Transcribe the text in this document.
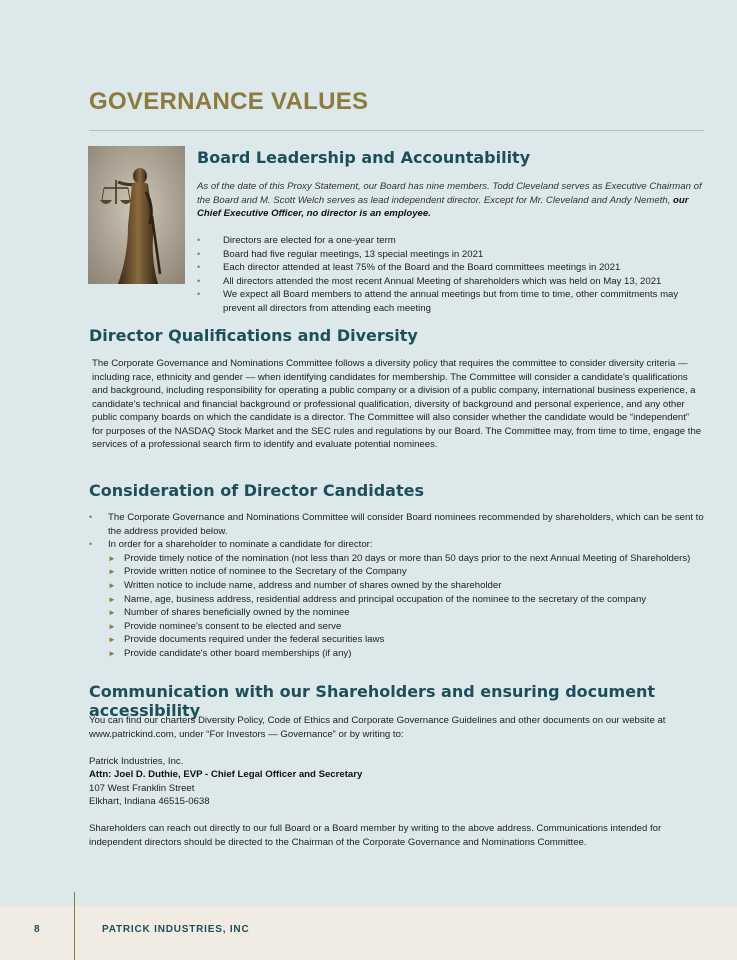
GOVERNANCE VALUES
Board Leadership and Accountability
As of the date of this Proxy Statement, our Board has nine members. Todd Cleveland serves as Executive Chairman of the Board and M. Scott Welch serves as lead independent director. Except for Mr. Cleveland and Andy Nemeth, our Chief Executive Officer, no director is an employee.
• Directors are elected for a one-year term
• Board had five regular meetings, 13 special meetings in 2021
• Each director attended at least 75% of the Board and the Board committees meetings in 2021
• All directors attended the most recent Annual Meeting of shareholders which was held on May 13, 2021
• We expect all Board members to attend the annual meetings but from time to time, other commitments may prevent all directors from attending each meeting
Director Qualifications and Diversity
The Corporate Governance and Nominations Committee follows a diversity policy that requires the committee to consider diversity criteria — including race, ethnicity and gender — when identifying candidates for membership. The Committee will consider a candidate's qualifications and background, including responsibility for operating a public company or a division of a public company, international business experience, a candidate's technical and financial background or professional qualification, diversity of background and personal experience, and any other public company boards on which the candidate is a director. The Committee will also consider whether the candidate would be “independent” for purposes of the NASDAQ Stock Market and the SEC rules and regulations by our Board. The Committee may, from time to time, engage the services of a professional search firm to identify and evaluate potential nominees.
Consideration of Director Candidates
• The Corporate Governance and Nominations Committee will consider Board nominees recommended by shareholders, which can be sent to the address provided below.
• In order for a shareholder to nominate a candidate for director:
► Provide timely notice of the nomination (not less than 20 days or more than 50 days prior to the next Annual Meeting of Shareholders)
► Provide written notice of nominee to the Secretary of the Company
► Written notice to include name, address and number of shares owned by the shareholder
► Name, age, business address, residential address and principal occupation of the nominee to the secretary of the company
► Number of shares beneficially owned by the nominee
► Provide nominee's consent to be elected and serve
► Provide documents required under the federal securities laws
► Provide candidate's other board memberships (if any)
Communication with our Shareholders and ensuring document accessibility

You can find our charters Diversity Policy, Code of Ethics and Corporate Governance Guidelines and other documents on our website at www.patrickind.com, under “For Investors — Governance” or by writing to:

Patrick Industries, Inc.
Attn: Joel D. Duthie, EVP - Chief Legal Officer and Secretary
107 West Franklin Street
Elkhart, Indiana 46515-0638

Shareholders can reach out directly to our full Board or a Board member by writing to the above address. Communications intended for independent directors should be directed to the Chairman of the Corporate Governance and Nominations Committee.

8	PATRICK INDUSTRIES, INC
